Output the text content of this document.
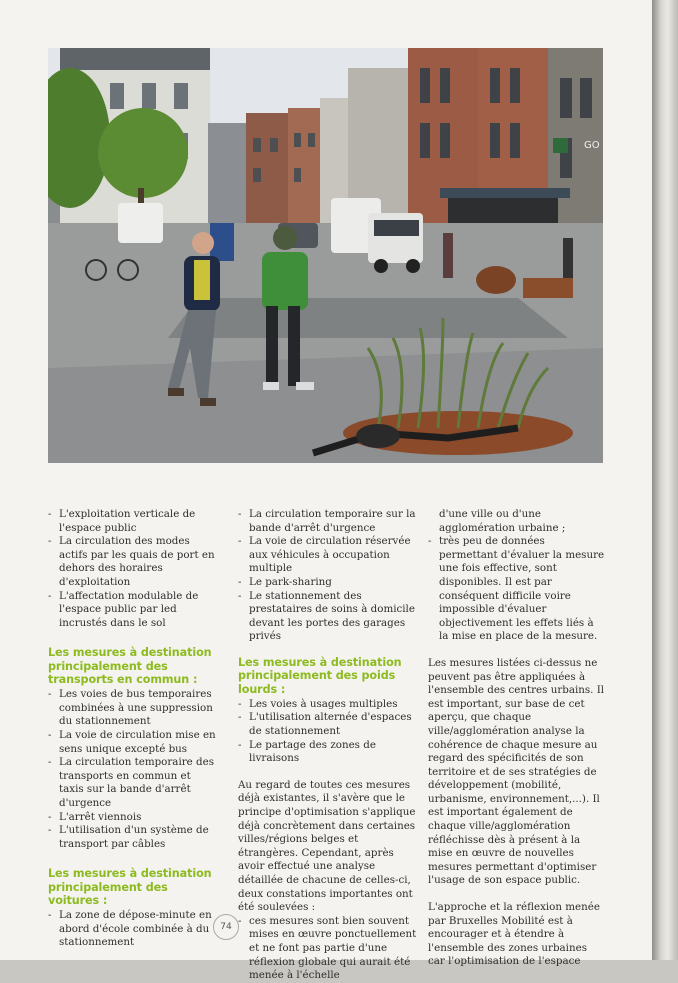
GO
- L'exploitation verticale de l'espace public
- La circulation des modes actifs par les quais de port en dehors des horaires d'exploitation
- L'affectation modulable de l'espace public par led incrustés dans le sol
Les mesures à destination principalement des transports en commun :
- Les voies de bus temporaires combinées à une suppression du stationnement
- La voie de circulation mise en sens unique excepté bus
- La circulation temporaire des transports en commun et taxis sur la bande d'arrêt d'urgence
- L'arrêt viennois
- L'utilisation d'un système de transport par câbles
Les mesures à destination principalement des voitures :
- La zone de dépose-minute en abord d'école combinée à du stationnement
- La circulation temporaire sur la bande d'arrêt d'urgence
- La voie de circulation réservée aux véhicules à occupation multiple
- Le park-sharing
- Le stationnement des prestataires de soins à domicile devant les portes des garages privés
Les mesures à destination principalement des poids lourds :
- Les voies à usages multiples
- L'utilisation alternée d'espaces de stationnement
- Le partage des zones de livraisons

Au regard de toutes ces mesures déjà existantes, il s'avère que le principe d'optimisation s'applique déjà concrètement dans certaines villes/régions belges et étrangères. Cependant, après avoir effectué une analyse détaillée de chacune de celles-ci, deux constations importantes ont été soulevées :

- ces mesures sont bien souvent mises en œuvre ponctuellement et ne font pas partie d'une réflexion globale qui aurait été menée à l'échelle

d'une ville ou d'une agglomération urbaine ;

- très peu de données permettant d'évaluer la mesure une fois effective, sont disponibles. Il est par conséquent difficile voire impossible d'évaluer objectivement les effets liés à la mise en place de la mesure.

Les mesures listées ci-dessus ne peuvent pas être appliquées à l'ensemble des centres urbains. Il est important, sur base de cet aperçu, que chaque ville/agglomération analyse la cohérence de chaque mesure au regard des spécificités de son territoire et de ses stratégies de développement (mobilité, urbanisme, environnement,...). Il est important également de chaque ville/agglomération réfléchisse dès à présent à la mise en œuvre de nouvelles mesures permettant d'optimiser l'usage de son espace public.

L'approche et la réflexion menée par Bruxelles Mobilité est à encourager et à étendre à l'ensemble des zones urbaines car l'optimisation de l'espace

74
